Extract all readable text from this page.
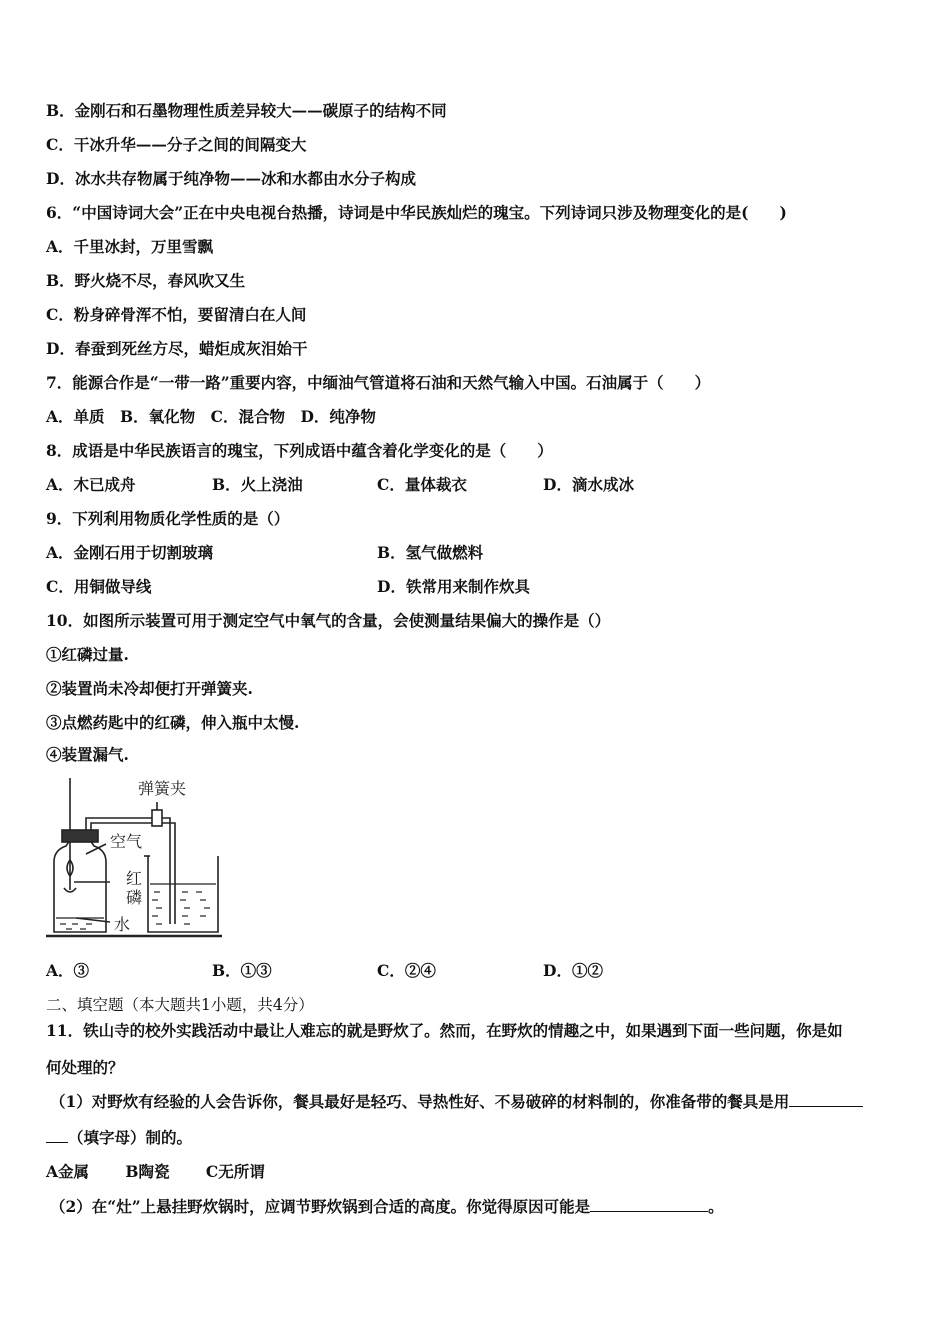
B．金刚石和石墨物理性质差异较大——碳原子的结构不同
C．干冰升华——分子之间的间隔变大
D．冰水共存物属于纯净物——冰和水都由水分子构成
6．“中国诗词大会”正在中央电视台热播，诗词是中华民族灿烂的瑰宝。下列诗词只涉及物理变化的是(　　)
A．千里冰封，万里雪飘
B．野火烧不尽，春风吹又生
C．粉身碎骨浑不怕，要留清白在人间
D．春蚕到死丝方尽，蜡炬成灰泪始干
7．能源合作是“一带一路”重要内容，中缅油气管道将石油和天然气输入中国。石油属于（　　）
A．单质　B．氧化物　C．混合物　D．纯净物
8．成语是中华民族语言的瑰宝，下列成语中蕴含着化学变化的是（　　）
A．木已成舟	B．火上浇油	C．量体裁衣	D．滴水成冰
9．下列利用物质化学性质的是（）
A．金刚石用于切割玻璃	B．氢气做燃料
C．用铜做导线	D．铁常用来制作炊具
10．如图所示装置可用于测定空气中氧气的含量，会使测量结果偏大的操作是（）
①红磷过量.
②装置尚未冷却便打开弹簧夹.
③点燃药匙中的红磷，伸入瓶中太慢.
④装置漏气.
弹簧夹
空气
红
磷
水
A．③	B．①③	C．②④	D．①②
二、填空题（本大题共1小题，共4分）
11．铁山寺的校外实践活动中最让人难忘的就是野炊了。然而，在野炊的情趣之中，如果遇到下面一些问题，你是如
何处理的？
（1）对野炊有经验的人会告诉你，餐具最好是轻巧、导热性好、不易破碎的材料制的，你准备带的餐具是用
（填字母）制的。
A金属　　 B陶瓷　　 C无所谓
（2）在“灶”上悬挂野炊锅时，应调节野炊锅到合适的高度。你觉得原因可能是	。
